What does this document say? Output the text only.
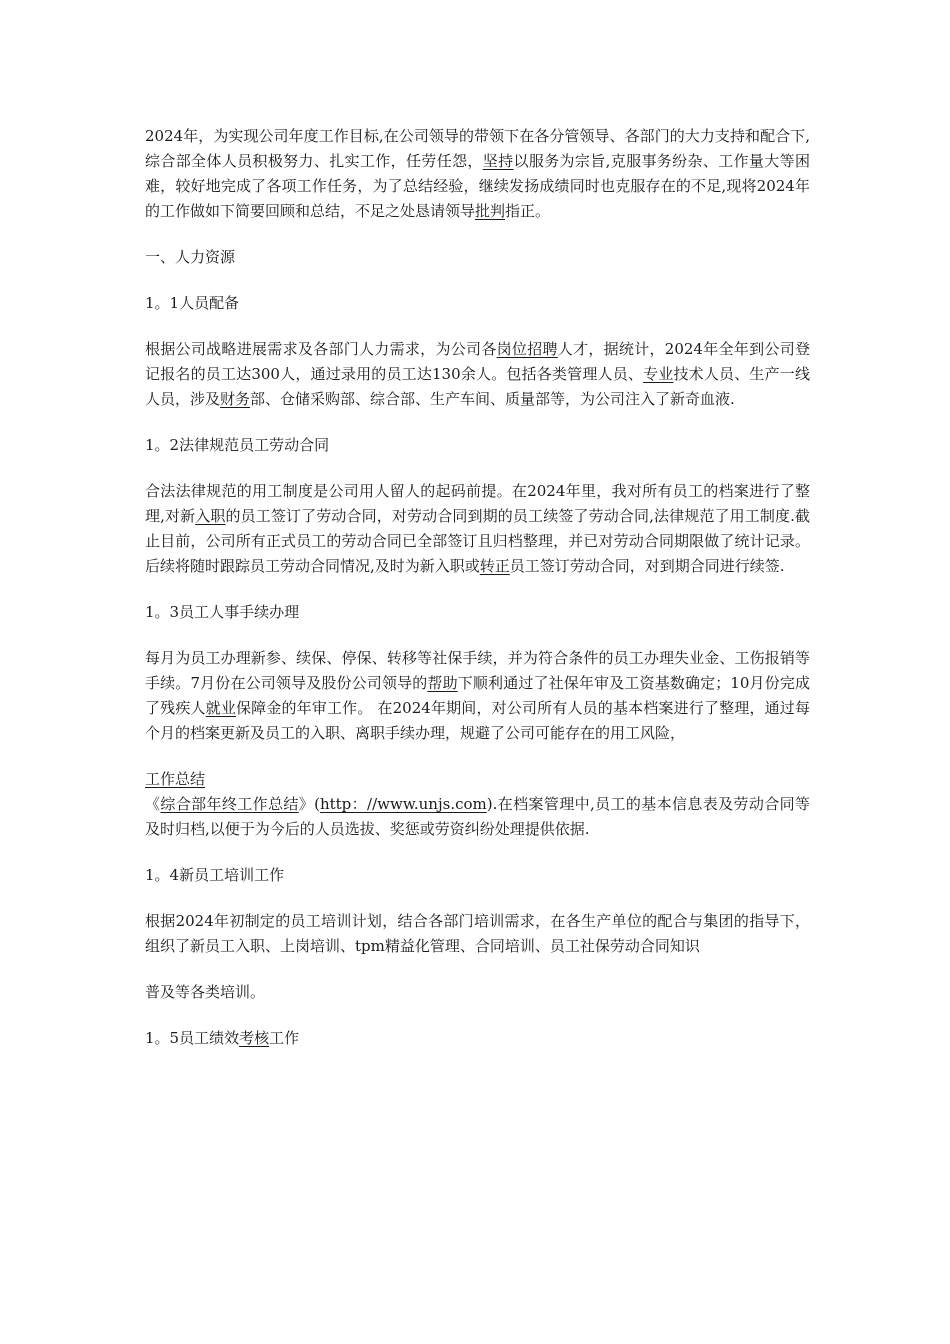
2024年，为实现公司年度工作目标,在公司领导的带领下在各分管领导、各部门的大力支持和配合下,综合部全体人员积极努力、扎实工作，任劳任怨，坚持以服务为宗旨,克服事务纷杂、工作量大等困难，较好地完成了各项工作任务，为了总结经验，继续发扬成绩同时也克服存在的不足,现将2024年的工作做如下简要回顾和总结，不足之处恳请领导批判指正。

一、人力资源

1。1人员配备

根据公司战略进展需求及各部门人力需求，为公司各岗位招聘人才，据统计，2024年全年到公司登记报名的员工达300人，通过录用的员工达130余人。包括各类管理人员、专业技术人员、生产一线人员，涉及财务部、仓储采购部、综合部、生产车间、质量部等，为公司注入了新奇血液.

1。2法律规范员工劳动合同

合法法律规范的用工制度是公司用人留人的起码前提。在2024年里，我对所有员工的档案进行了整理,对新入职的员工签订了劳动合同，对劳动合同到期的员工续签了劳动合同,法律规范了用工制度.截止目前，公司所有正式员工的劳动合同已全部签订且归档整理，并已对劳动合同期限做了统计记录。后续将随时跟踪员工劳动合同情况,及时为新入职或转正员工签订劳动合同，对到期合同进行续签.

1。3员工人事手续办理

每月为员工办理新参、续保、停保、转移等社保手续，并为符合条件的员工办理失业金、工伤报销等手续。7月份在公司领导及股份公司领导的帮助下顺利通过了社保年审及工资基数确定；10月份完成了残疾人就业保障金的年审工作。 在2024年期间，对公司所有人员的基本档案进行了整理，通过每个月的档案更新及员工的入职、离职手续办理，规避了公司可能存在的用工风险，

工作总结

《综合部年终工作总结》(http：//www.unjs.com).在档案管理中,员工的基本信息表及劳动合同等及时归档,以便于为今后的人员选拔、奖惩或劳资纠纷处理提供依据.

1。4新员工培训工作

根据2024年初制定的员工培训计划，结合各部门培训需求，在各生产单位的配合与集团的指导下，组织了新员工入职、上岗培训、tpm精益化管理、合同培训、员工社保劳动合同知识

普及等各类培训。

1。5员工绩效考核工作
